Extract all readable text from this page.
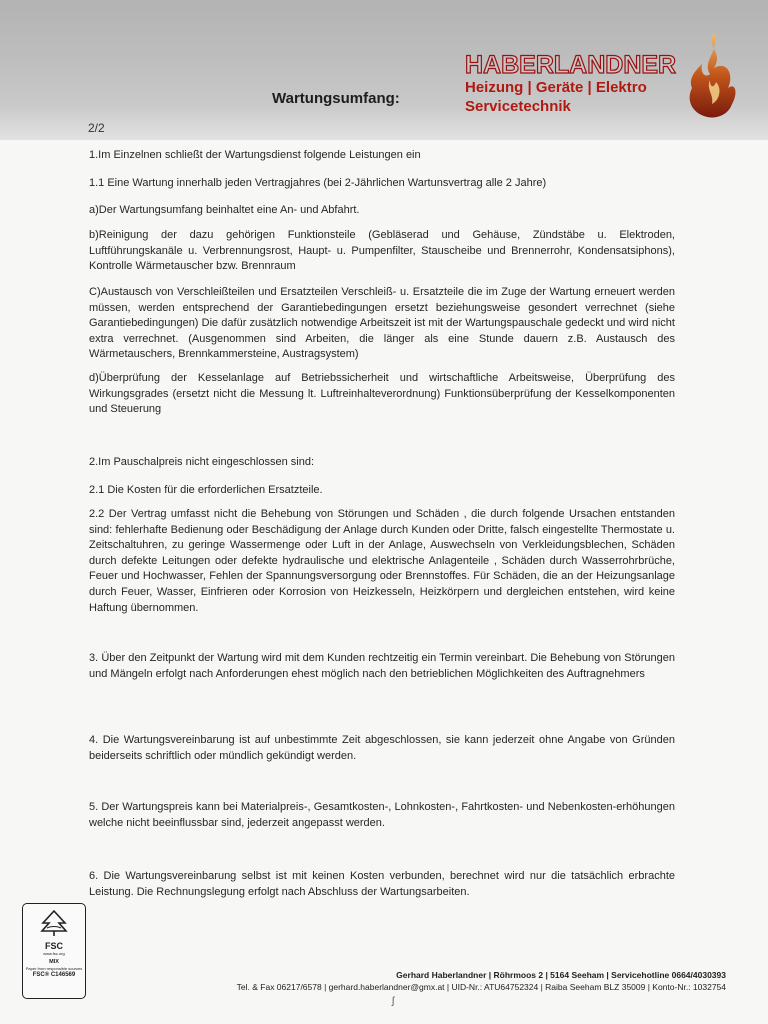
Wartungsumfang:
2/2
HABERLANDNER
Heizung | Geräte | Elektro
Servicetechnik

1.Im Einzelnen schließt der Wartungsdienst folgende Leistungen ein

1.1 Eine Wartung innerhalb jeden Vertragjahres (bei 2-Jährlichen Wartunsvertrag alle 2 Jahre)

a)Der Wartungsumfang beinhaltet eine An- und Abfahrt.

b)Reinigung der dazu gehörigen Funktionsteile (Gebläserad und Gehäuse, Zündstäbe u. Elektroden, Luftführungskanäle u. Verbrennungsrost, Haupt- u. Pumpenfilter, Stauscheibe und Brennerrohr, Kondensatsiphons), Kontrolle Wärmetauscher bzw. Brennraum

C)Austausch von Verschleißteilen und Ersatzteilen Verschleiß- u. Ersatzteile die im Zuge der Wartung erneuert werden müssen, werden entsprechend der Garantiebedingungen ersetzt beziehungsweise gesondert verrechnet (siehe Garantiebedingungen) Die dafür zusätzlich notwendige Arbeitszeit ist mit der Wartungspauschale gedeckt und wird nicht extra verrechnet. (Ausgenommen sind Arbeiten, die länger als eine Stunde dauern z.B. Austausch des Wärmetauschers, Brennkammersteine, Austragsystem)

d)Überprüfung der Kesselanlage auf Betriebssicherheit und wirtschaftliche Arbeitsweise, Überprüfung des Wirkungsgrades (ersetzt nicht die Messung lt. Luftreinhalteverordnung) Funktionsüberprüfung der Kesselkomponenten und Steuerung

2.Im Pauschalpreis nicht eingeschlossen sind:

2.1 Die Kosten für die erforderlichen Ersatzteile.

2.2 Der Vertrag umfasst nicht die Behebung von Störungen und Schäden , die durch folgende Ursachen entstanden sind: fehlerhafte Bedienung oder Beschädigung der Anlage durch Kunden oder Dritte, falsch eingestellte Thermostate u. Zeitschaltuhren, zu geringe Wassermenge oder Luft in der Anlage, Auswechseln von Verkleidungsblechen, Schäden durch defekte Leitungen oder defekte hydraulische und elektrische Anlagenteile , Schäden durch Wasserrohrbrüche, Feuer und Hochwasser, Fehlen der Spannungsversorgung oder Brennstoffes. Für Schäden, die an der Heizungsanlage durch Feuer, Wasser, Einfrieren oder Korrosion von Heizkesseln, Heizkörpern und dergleichen entstehen, wird keine Haftung übernommen.

3. Über den Zeitpunkt der Wartung wird mit dem Kunden rechtzeitig ein Termin vereinbart. Die Behebung von Störungen und Mängeln erfolgt nach Anforderungen ehest möglich nach den betrieblichen Möglichkeiten des Auftragnehmers

4. Die Wartungsvereinbarung ist auf unbestimmte Zeit abgeschlossen, sie kann jederzeit ohne Angabe von Gründen beiderseits schriftlich oder mündlich gekündigt werden.

5. Der Wartungspreis kann bei Materialpreis-, Gesamtkosten-, Lohnkosten-, Fahrtkosten- und Nebenkosten-erhöhungen welche nicht beeinflussbar sind, jederzeit angepasst werden.

6. Die Wartungsvereinbarung selbst ist mit keinen Kosten verbunden, berechnet wird nur die tatsächlich erbrachte Leistung. Die Rechnungslegung erfolgt nach Abschluss der Wartungsarbeiten.

FSC
www.fsc.org
MIX
Paper from responsible sources
FSC® C146569	Gerhard Haberlandner | Röhrmoos 2 | 5164 Seeham | Servicehotline 0664/4030393
Tel. & Fax 06217/6578 | gerhard.haberlandner@gmx.at | UID-Nr.: ATU64752324 | Raiba Seeham BLZ 35009 | Konto-Nr.: 1032754
ʃ
